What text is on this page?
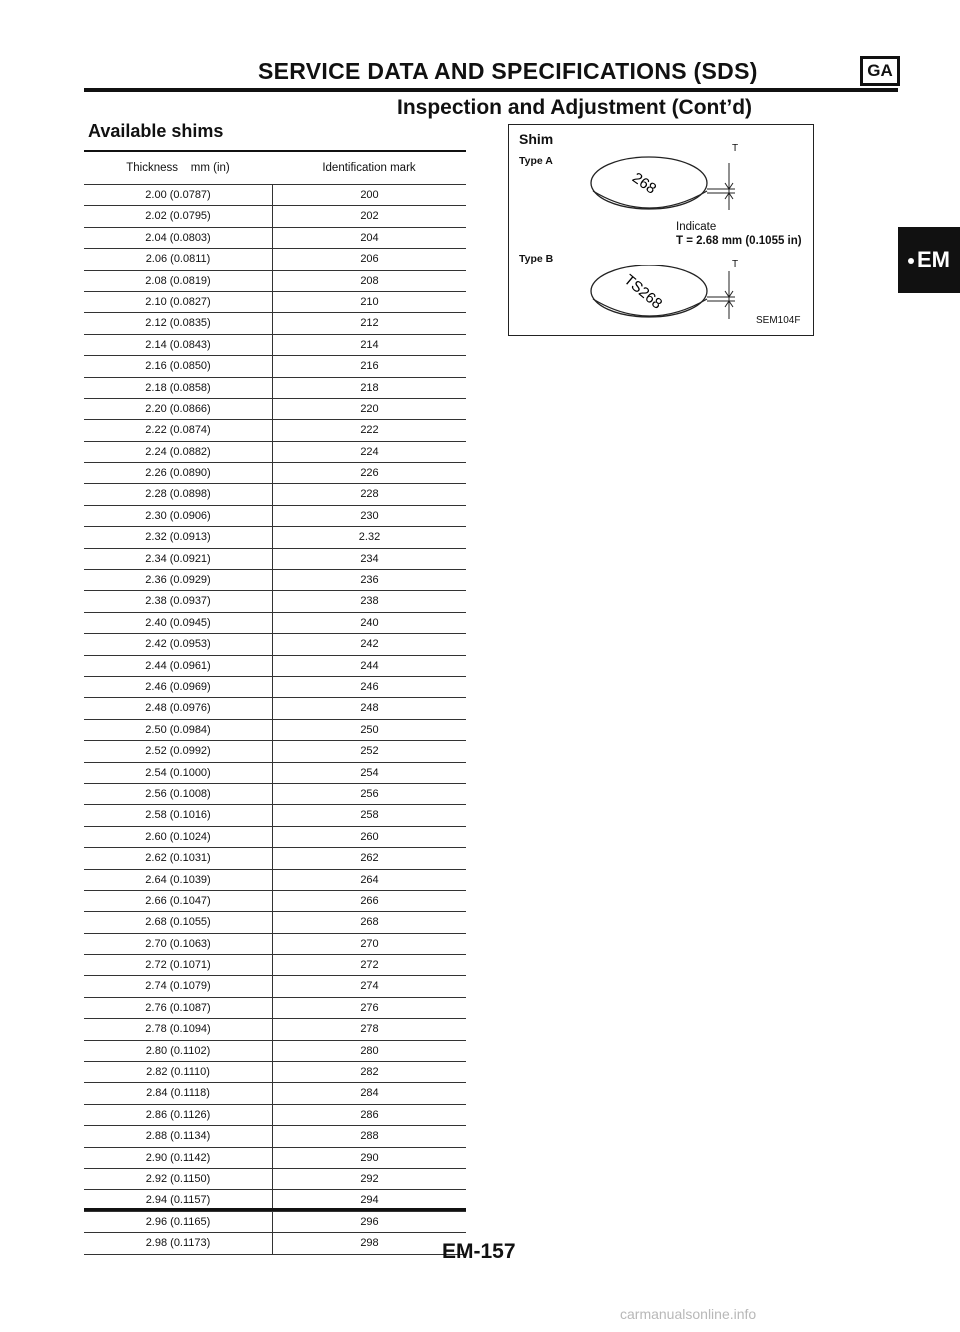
SERVICE DATA AND SPECIFICATIONS (SDS)	GA
Inspection and Adjustment (Cont’d)
Available shims
Thickness    mm (in)	Identification mark
2.00 (0.0787)	200
2.02 (0.0795)	202
2.04 (0.0803)	204
2.06 (0.0811)	206
2.08 (0.0819)	208
2.10 (0.0827)	210
2.12 (0.0835)	212
2.14 (0.0843)	214
2.16 (0.0850)	216
2.18 (0.0858)	218
2.20 (0.0866)	220
2.22 (0.0874)	222
2.24 (0.0882)	224
2.26 (0.0890)	226
2.28 (0.0898)	228
2.30 (0.0906)	230
2.32 (0.0913)	2.32
2.34 (0.0921)	234
2.36 (0.0929)	236
2.38 (0.0937)	238
2.40 (0.0945)	240
2.42 (0.0953)	242
2.44 (0.0961)	244
2.46 (0.0969)	246
2.48 (0.0976)	248
2.50 (0.0984)	250
2.52 (0.0992)	252
2.54 (0.1000)	254
2.56 (0.1008)	256
2.58 (0.1016)	258
2.60 (0.1024)	260
2.62 (0.1031)	262
2.64 (0.1039)	264
2.66 (0.1047)	266
2.68 (0.1055)	268
2.70 (0.1063)	270
2.72 (0.1071)	272
2.74 (0.1079)	274
2.76 (0.1087)	276
2.78 (0.1094)	278
2.80 (0.1102)	280
2.82 (0.1110)	282
2.84 (0.1118)	284
2.86 (0.1126)	286
2.88 (0.1134)	288
2.90 (0.1142)	290
2.92 (0.1150)	292
2.94 (0.1157)	294
2.96 (0.1165)	296
2.98 (0.1173)	298
Shim
Type A
Type B
T
T
268
TS268
Indicate
T = 2.68 mm (0.1055 in)
SEM104F
EM
EM-157
carmanualsonline.info
